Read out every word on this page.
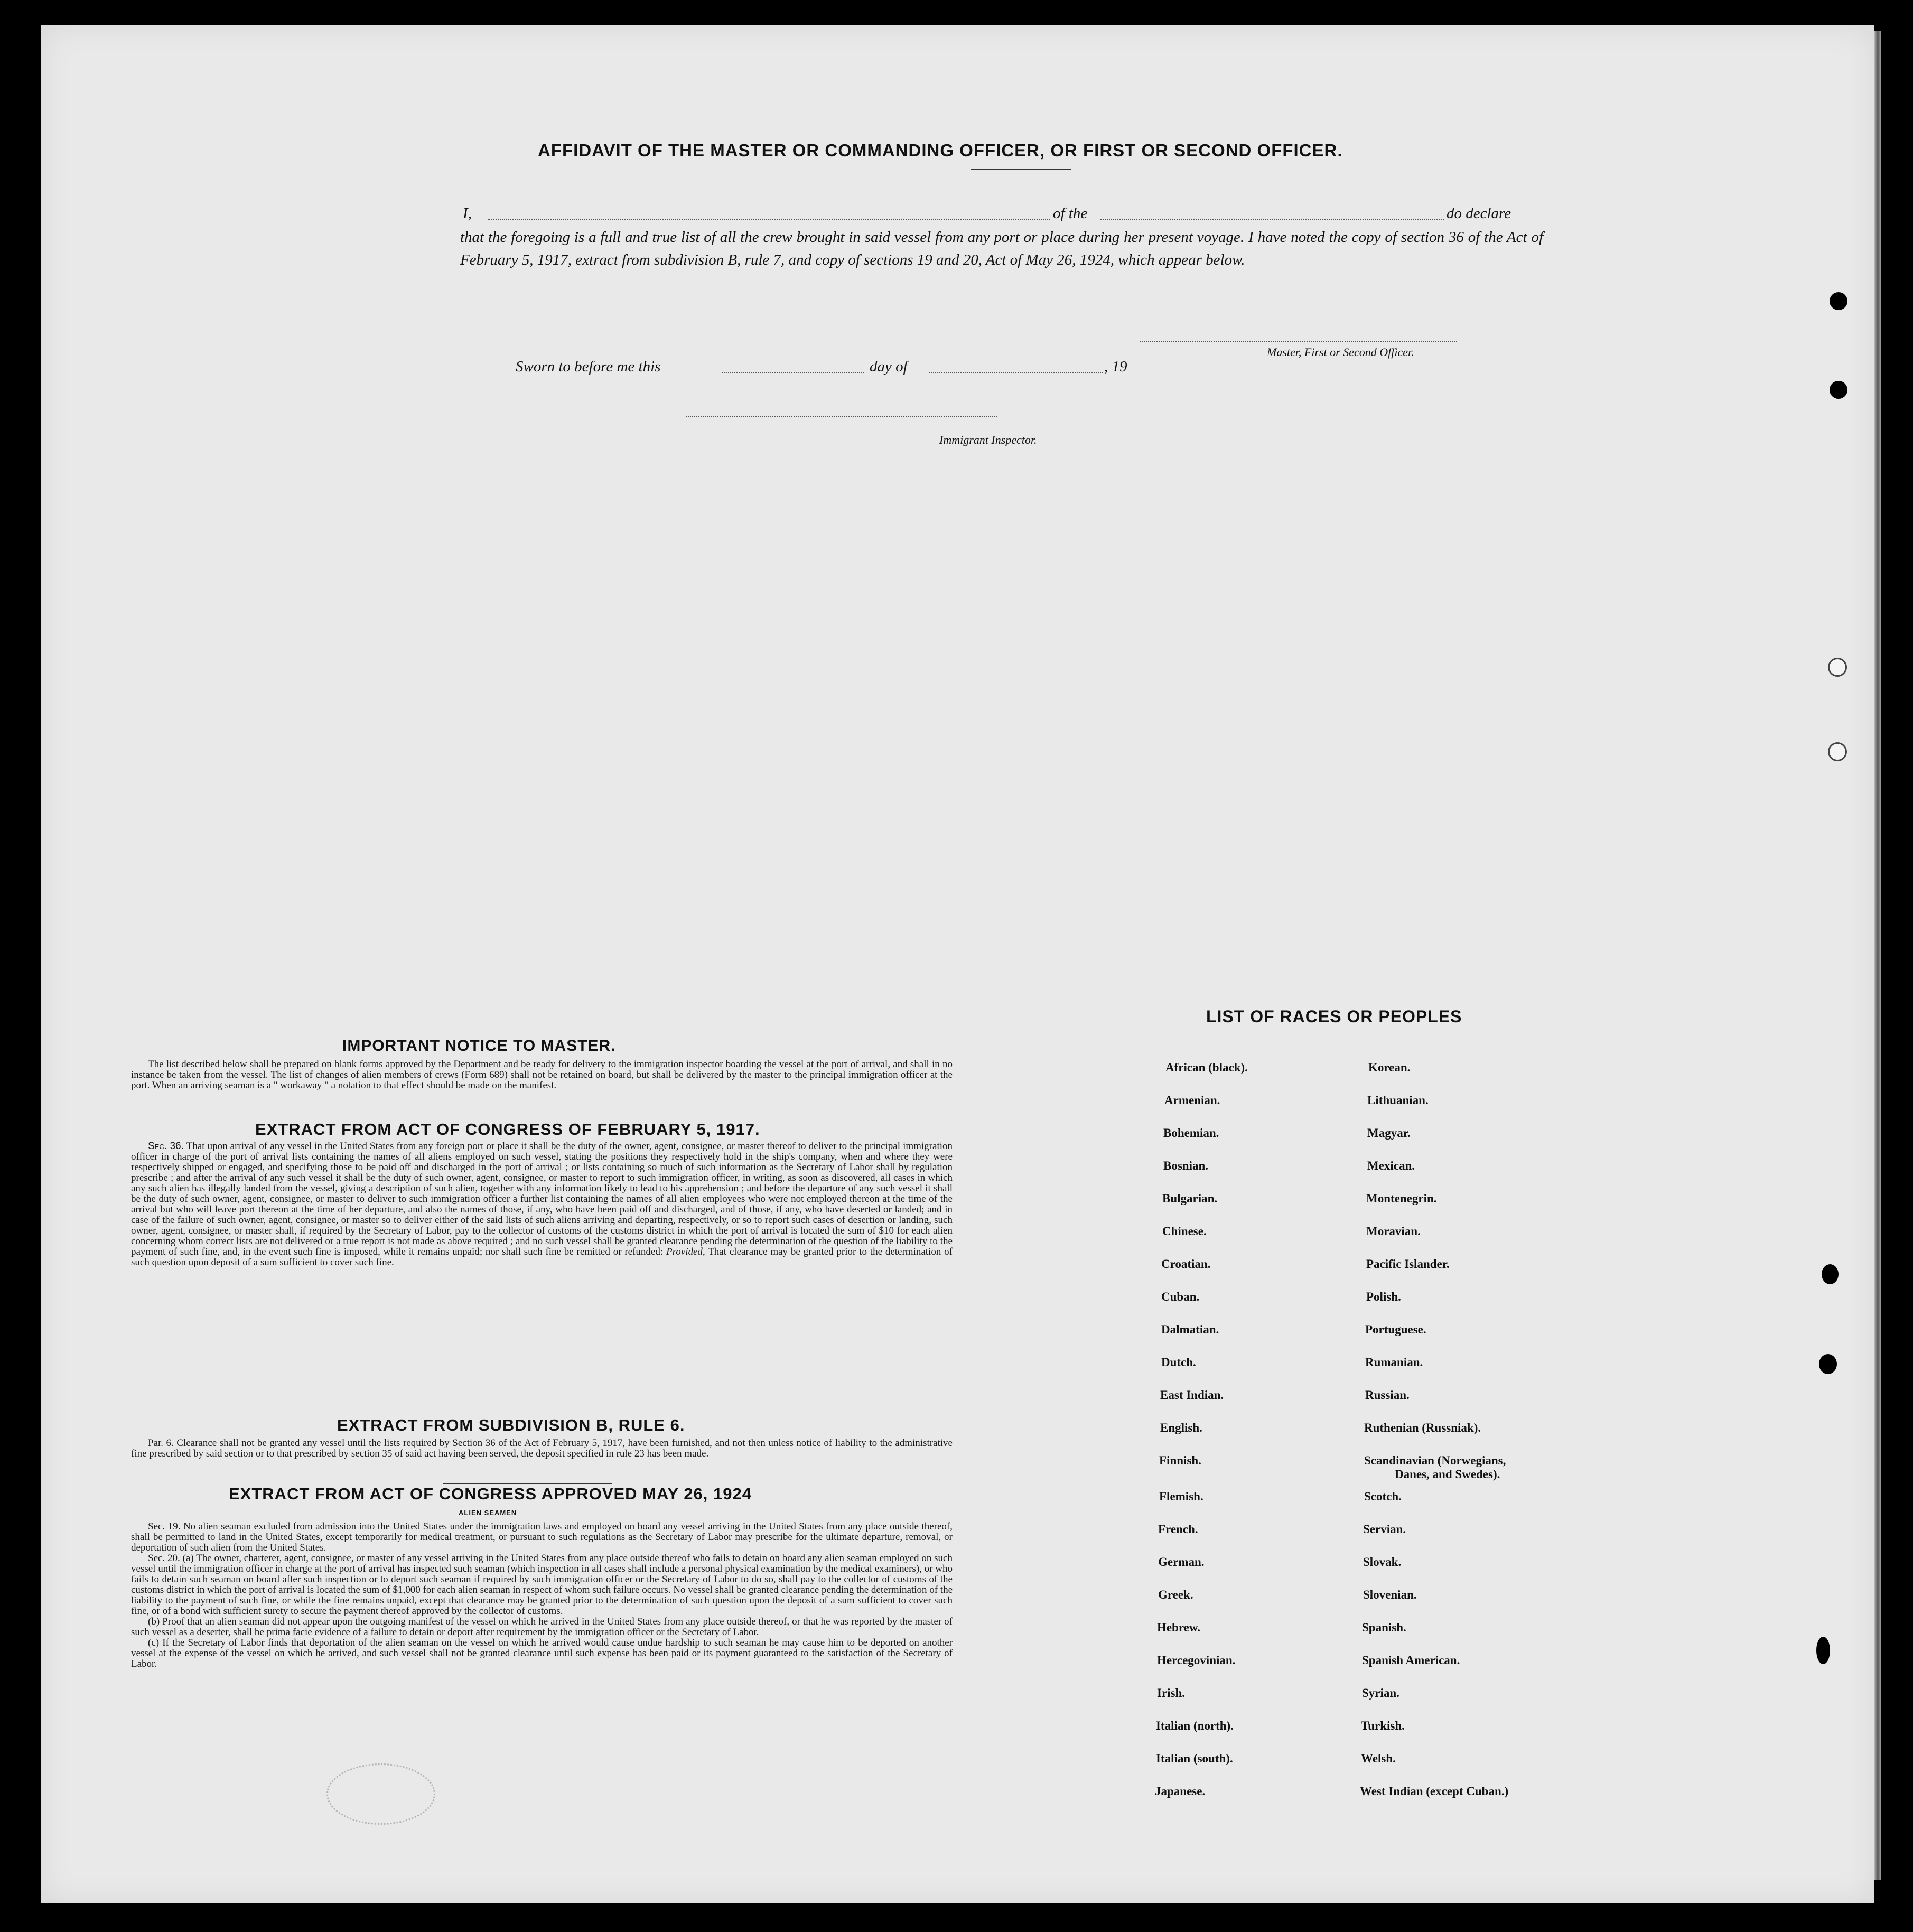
AFFIDAVIT OF THE MASTER OR COMMANDING OFFICER, OR FIRST OR SECOND OFFICER.
I,	of the	do declare
that the foregoing is a full and true list of all the crew brought in said vessel from any port or place during her present voyage. I have noted the copy of section 36 of the Act of February 5, 1917, extract from subdivision B, rule 7, and copy of sections 19 and 20, Act of May 26, 1924, which appear below.
Master, First or Second Officer.
Sworn to before me this	day of	, 19
Immigrant Inspector.
IMPORTANT NOTICE TO MASTER.

The list described below shall be prepared on blank forms approved by the Department and be ready for delivery to the immigration inspector boarding the vessel at the port of arrival, and shall in no instance be taken from the vessel. The list of changes of alien members of crews (Form 689) shall not be retained on board, but shall be delivered by the master to the principal immigration officer at the port. When an arriving seaman is a " workaway " a notation to that effect should be made on the manifest.

EXTRACT FROM ACT OF CONGRESS OF FEBRUARY 5, 1917.

Sec. 36. That upon arrival of any vessel in the United States from any foreign port or place it shall be the duty of the owner, agent, consignee, or master thereof to deliver to the principal immigration officer in charge of the port of arrival lists containing the names of all aliens employed on such vessel, stating the positions they respectively hold in the ship's company, when and where they were respectively shipped or engaged, and specifying those to be paid off and discharged in the port of arrival ; or lists containing so much of such information as the Secretary of Labor shall by regulation prescribe ; and after the arrival of any such vessel it shall be the duty of such owner, agent, consignee, or master to report to such immigration officer, in writing, as soon as discovered, all cases in which any such alien has illegally landed from the vessel, giving a description of such alien, together with any information likely to lead to his apprehension ; and before the departure of any such vessel it shall be the duty of such owner, agent, consignee, or master to deliver to such immigration officer a further list containing the names of all alien employees who were not employed thereon at the time of the arrival but who will leave port thereon at the time of her departure, and also the names of those, if any, who have been paid off and discharged, and of those, if any, who have deserted or landed; and in case of the failure of such owner, agent, consignee, or master so to deliver either of the said lists of such aliens arriving and departing, respectively, or so to report such cases of desertion or landing, such owner, agent, consignee, or master shall, if required by the Secretary of Labor, pay to the collector of customs of the customs district in which the port of arrival is located the sum of $10 for each alien concerning whom correct lists are not delivered or a true report is not made as above required ; and no such vessel shall be granted clearance pending the determination of the question of the liability to the payment of such fine, and, in the event such fine is imposed, while it remains unpaid; nor shall such fine be remitted or refunded: Provided, That clearance may be granted prior to the determination of such question upon deposit of a sum sufficient to cover such fine.

EXTRACT FROM SUBDIVISION B, RULE 6.

Par. 6. Clearance shall not be granted any vessel until the lists required by Section 36 of the Act of February 5, 1917, have been furnished, and not then unless notice of liability to the administrative fine prescribed by said section or to that prescribed by section 35 of said act having been served, the deposit specified in rule 23 has been made.

EXTRACT FROM ACT OF CONGRESS APPROVED MAY 26, 1924
ALIEN SEAMEN

Sec. 19. No alien seaman excluded from admission into the United States under the immigration laws and employed on board any vessel arriving in the United States from any place outside thereof, shall be permitted to land in the United States, except temporarily for medical treatment, or pursuant to such regulations as the Secretary of Labor may prescribe for the ultimate departure, removal, or deportation of such alien from the United States.

Sec. 20. (a) The owner, charterer, agent, consignee, or master of any vessel arriving in the United States from any place outside thereof who fails to detain on board any alien seaman employed on such vessel until the immigration officer in charge at the port of arrival has inspected such seaman (which inspection in all cases shall include a personal physical examination by the medical examiners), or who fails to detain such seaman on board after such inspection or to deport such seaman if required by such immigration officer or the Secretary of Labor to do so, shall pay to the collector of customs of the customs district in which the port of arrival is located the sum of $1,000 for each alien seaman in respect of whom such failure occurs. No vessel shall be granted clearance pending the determination of the liability to the payment of such fine, or while the fine remains unpaid, except that clearance may be granted prior to the determination of such question upon the deposit of a sum sufficient to cover such fine, or of a bond with sufficient surety to secure the payment thereof approved by the collector of customs.

(b) Proof that an alien seaman did not appear upon the outgoing manifest of the vessel on which he arrived in the United States from any place outside thereof, or that he was reported by the master of such vessel as a deserter, shall be prima facie evidence of a failure to detain or deport after requirement by the immigration officer or the Secretary of Labor.

(c) If the Secretary of Labor finds that deportation of the alien seaman on the vessel on which he arrived would cause undue hardship to such seaman he may cause him to be deported on another vessel at the expense of the vessel on which he arrived, and such vessel shall not be granted clearance until such expense has been paid or its payment guaranteed to the satisfaction of the Secretary of Labor.

LIST OF RACES OR PEOPLES
African (black).
Armenian.
Bohemian.
Bosnian.
Bulgarian.
Chinese.
Croatian.
Cuban.
Dalmatian.
Dutch.
East Indian.
English.
Finnish.
Flemish.
French.
German.
Greek.
Hebrew.
Hercegovinian.
Irish.
Italian (north).
Italian (south).
Japanese.
Korean.
Lithuanian.
Magyar.
Mexican.
Montenegrin.
Moravian.
Pacific Islander.
Polish.
Portuguese.
Rumanian.
Russian.
Ruthenian (Russniak).
Scandinavian (Norwegians,
Danes, and Swedes).
Scotch.
Servian.
Slovak.
Slovenian.
Spanish.
Spanish American.
Syrian.
Turkish.
Welsh.
West Indian (except Cuban.)
